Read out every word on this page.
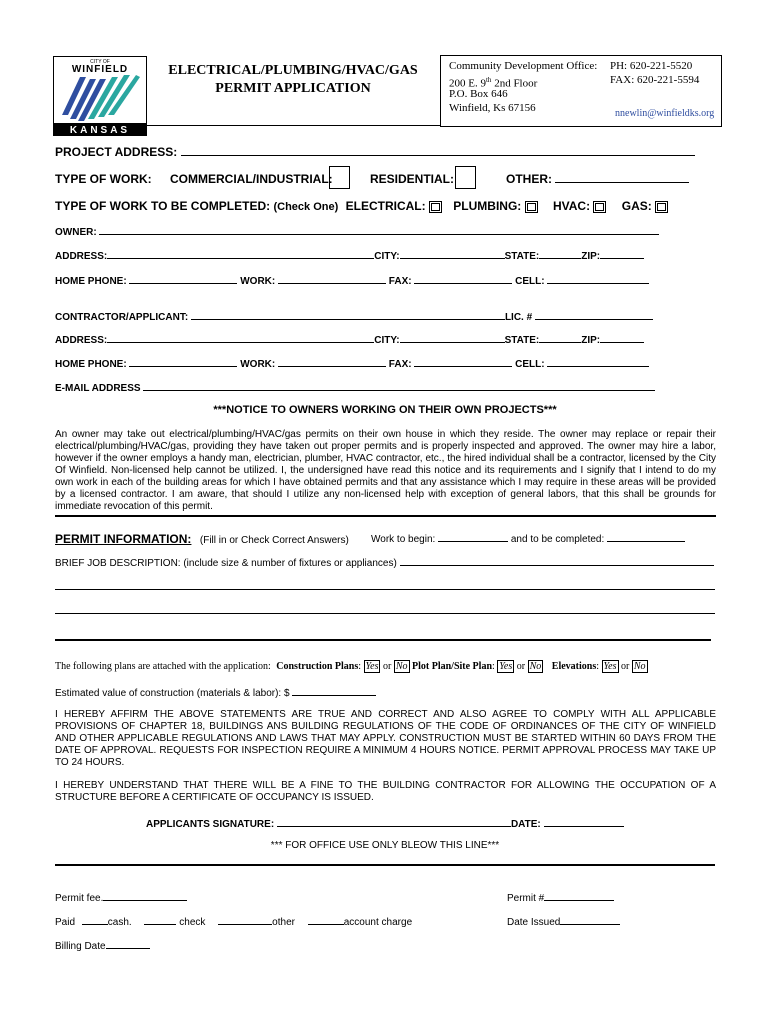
CITY OF
WINFIELD
KANSAS
ELECTRICAL/PLUMBING/HVAC/GAS
PERMIT APPLICATION
Community Development Office: PH: 620-221-5520
200 E. 9th 2nd Floor	FAX: 620-221-5594
P.O. Box 646
Winfield, Ks 67156	nnewlin@winfieldks.org
PROJECT ADDRESS:
TYPE OF WORK: COMMERCIAL/INDUSTRIAL:	RESIDENTIAL:	OTHER:
TYPE OF WORK TO BE COMPLETED: (Check One) ELECTRICAL: PLUMBING:	HVAC:	GAS:
OWNER:
ADDRESS:	CITY:	STATE:	ZIP:
HOME PHONE:	WORK:	FAX:	CELL:
CONTRACTOR/APPLICANT:	LIC. #
ADDRESS:	CITY:	STATE:	ZIP:
HOME PHONE:	WORK:	FAX:	CELL:
E-MAIL ADDRESS
***NOTICE TO OWNERS WORKING ON THEIR OWN PROJECTS***
An owner may take out electrical/plumbing/HVAC/gas permits on their own house in which they reside. The owner may replace or repair their electrical/plumbing/HVAC/gas, providing they have taken out proper permits and is properly inspected and approved. The owner may hire a labor, however if the owner employs a handy man, electrician, plumber, HVAC contractor, etc., the hired individual shall be a contractor, licensed by the City Of Winfield. Non-licensed help cannot be utilized. I, the undersigned have read this notice and its requirements and I signify that I intend to do my own work in each of the building areas for which I have obtained permits and that any assistance which I may require in these areas will be provided by a licensed contractor. I am aware, that should I utilize any non-licensed help with exception of general labors, that this shall be grounds for immediate revocation of this permit.
PERMIT INFORMATION: (Fill in or Check Correct Answers) Work to begin:	and to be completed:
BRIEF JOB DESCRIPTION: (include size & number of fixtures or appliances)
The following plans are attached with the application: Construction Plans: Yes or No Plot Plan/Site Plan: Yes or No Elevations: Yes or No
Estimated value of construction (materials & labor): $
I HEREBY AFFIRM THE ABOVE STATEMENTS ARE TRUE AND CORRECT AND ALSO AGREE TO COMPLY WITH ALL APPLICABLE PROVISIONS OF CHAPTER 18, BUILDINGS ANS BUILDING REGULATIONS OF THE CODE OF ORDINANCES OF THE CITY OF WINFIELD AND OTHER APPLICABLE REGULATIONS AND LAWS THAT MAY APPLY. CONSTRUCTION MUST BE STARTED WITHIN 60 DAYS FROM THE DATE OF APPROVAL. REQUESTS FOR INSPECTION REQUIRE A MINIMUM 4 HOURS NOTICE. PERMIT APPROVAL PROCESS MAY TAKE UP TO 24 HOURS.
I HEREBY UNDERSTAND THAT THERE WILL BE A FINE TO THE BUILDING CONTRACTOR FOR ALLOWING THE OCCUPATION OF A STRUCTURE BEFORE A CERTIFICATE OF OCCUPANCY IS ISSUED.
APPLICANTS SIGNATURE:	DATE:
*** FOR OFFICE USE ONLY BLEOW THIS LINE***
Permit fee.	Permit #
Paid	cash.	check	other	account charge	Date Issued
Billing Date
